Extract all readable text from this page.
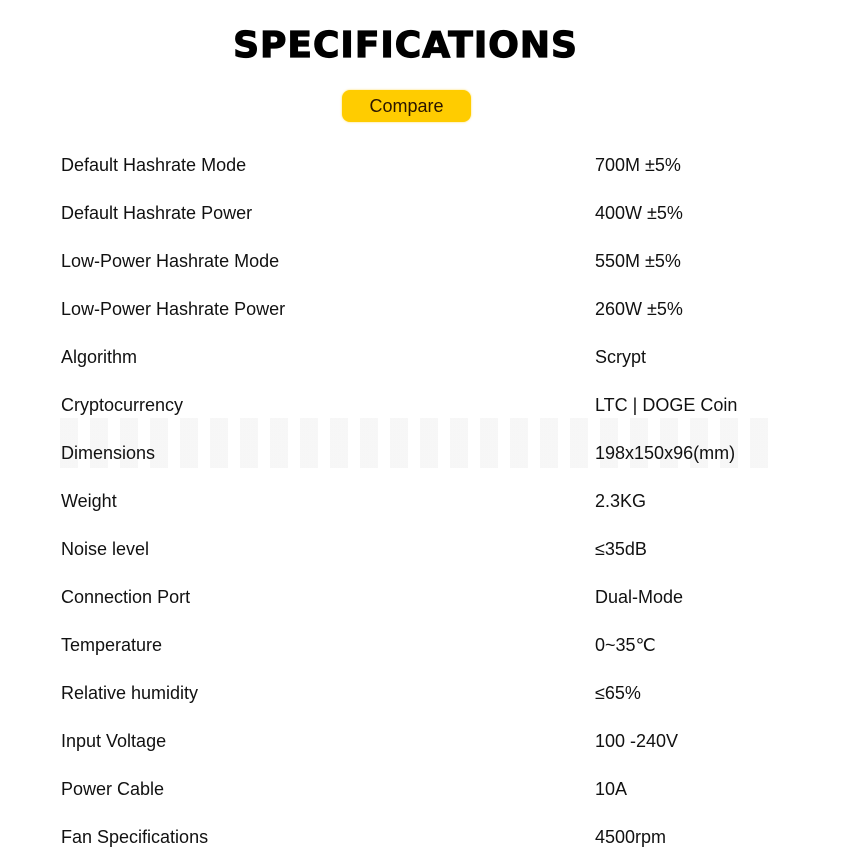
SPECIFICATIONS
Compare
Default Hashrate Mode	700M ±5%
Default Hashrate Power	400W ±5%
Low-Power Hashrate Mode	550M ±5%
Low-Power Hashrate Power	260W ±5%
Algorithm	Scrypt
Cryptocurrency	LTC | DOGE Coin
Dimensions	198x150x96(mm)
Weight	2.3KG
Noise level	≤35dB
Connection Port	Dual-Mode
Temperature	0~35℃
Relative humidity	≤65%
Input Voltage	100 -240V
Power Cable	10A
Fan Specifications	4500rpm
